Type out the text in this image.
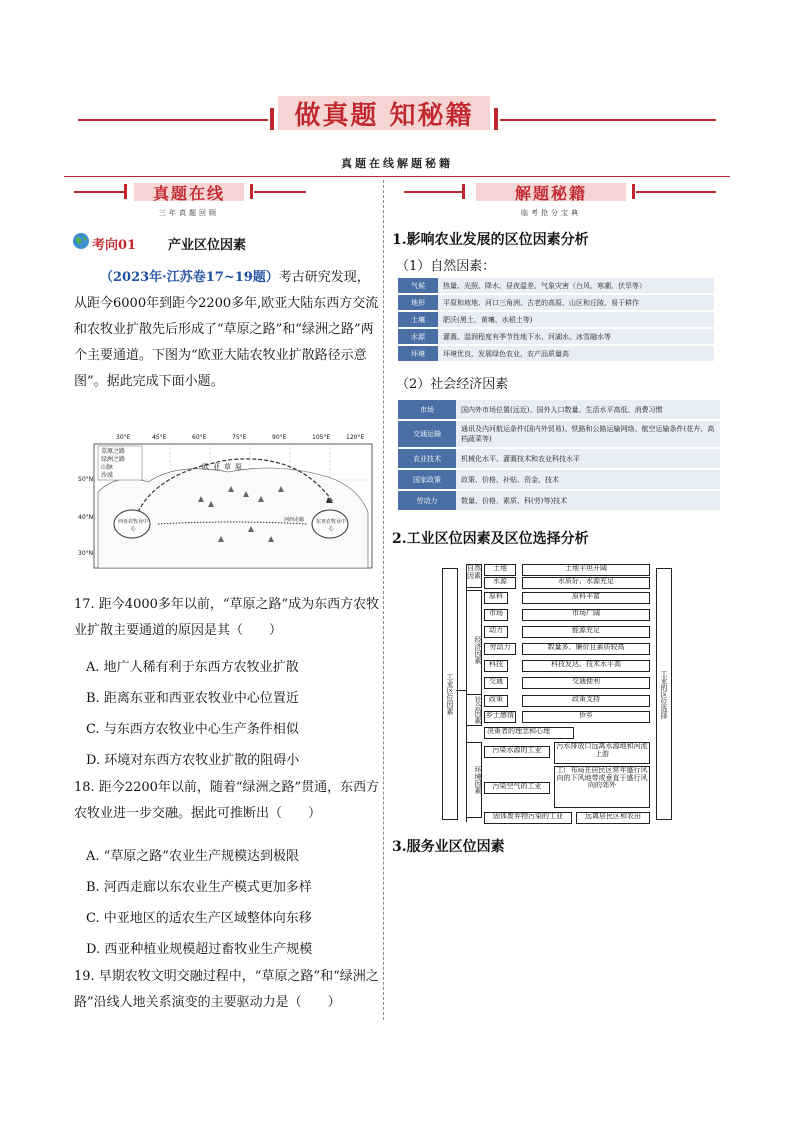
做真题 知秘籍
真题在线解题秘籍
真题在线
三年真题回顾
考向01 产业区位因素
（2023年·江苏卷17~19题）考古研究发现，从距今6000年到距今2200多年,欧亚大陆东西方交流和农牧业扩散先后形成了“草原之路”和“绿洲之路”两个主要通道。下图为“欧亚大陆农牧业扩散路径示意图”。据此完成下面小题。
30°E	45°E	60°E	75°E	90°E	105°E	120°E
50°N
40°N
30°N
草原之路
绿洲之路
山脉
沙漠
欧亚草原
西亚农牧业中心
东亚农牧业中心
河西走廊
17. 距今4000多年以前，“草原之路”成为东西方农牧业扩散主要通道的原因是其（　　）
A. 地广人稀有利于东西方农牧业扩散
B. 距离东亚和西亚农牧业中心位置近
C. 与东西方农牧业中心生产条件相似
D. 环境对东西方农牧业扩散的阻碍小
18. 距今2200年以前，随着“绿洲之路”贯通，东西方农牧业进一步交融。据此可推断出（　　）
A. “草原之路”农业生产规模达到极限
B. 河西走廊以东农业生产模式更加多样
C. 中亚地区的适农生产区域整体向东移
D. 西亚种植业规模超过畜牧业生产规模
19. 早期农牧文明交融过程中，“草原之路”和“绿洲之路”沿线人地关系演变的主要驱动力是（　　）
解题秘籍
临考抢分宝典
1.影响农业发展的区位因素分析
（1）自然因素：
气候	热量、光照、降水、昼夜温差、气象灾害（台风、寒潮、伏旱等）
地形	平原和坡地、河口三角洲、古老的高原、山区和丘陵、易于耕作
土壤	肥沃(黑土、黄壤、水稻土等)
水源	灌溉、湿润程度有季节性地下水、河湖水、冰雪融水等
环境	环境优良，发展绿色农业，农产品质量高
（2）社会经济因素
市场	国内外市场位置(远近)、国外人口数量、生活水平高低、消费习惯
交通运输	通讯及内河航运条件(国内外贸易)、铁路和公路运输网络、航空运输条件(花卉、高档蔬菜等)
农业技术	机械化水平、灌溉技术和农业科技水平
国家政策	政策、价格、补贴、资金、技术
劳动力	数量、价格、素质、科(劳)等)技术
2.工业区位因素及区位选择分析
工业区位因素	工业的区位选择
自然因素
经济因素
社会因素
环境因素
土地	土地平坦开阔
水源	水质好、水源充足
原料	原料丰富
市场	市场广阔
动力	能源充足
劳动力	数量多、廉价且素质较高
科技	科技发达、技术水平高
交通	交通便利
政策	政策支持
乡土感情	侨乡
决策者的理念和心理
污染水源的工业	污水排放口远离水源地和河流上游
污染空气的工业
工厂布局在居民区常年盛行风向的下风地带或垂直于盛行风向的郊外
固体废弃物污染的工业	远离居民区和农田
3.服务业区位因素
